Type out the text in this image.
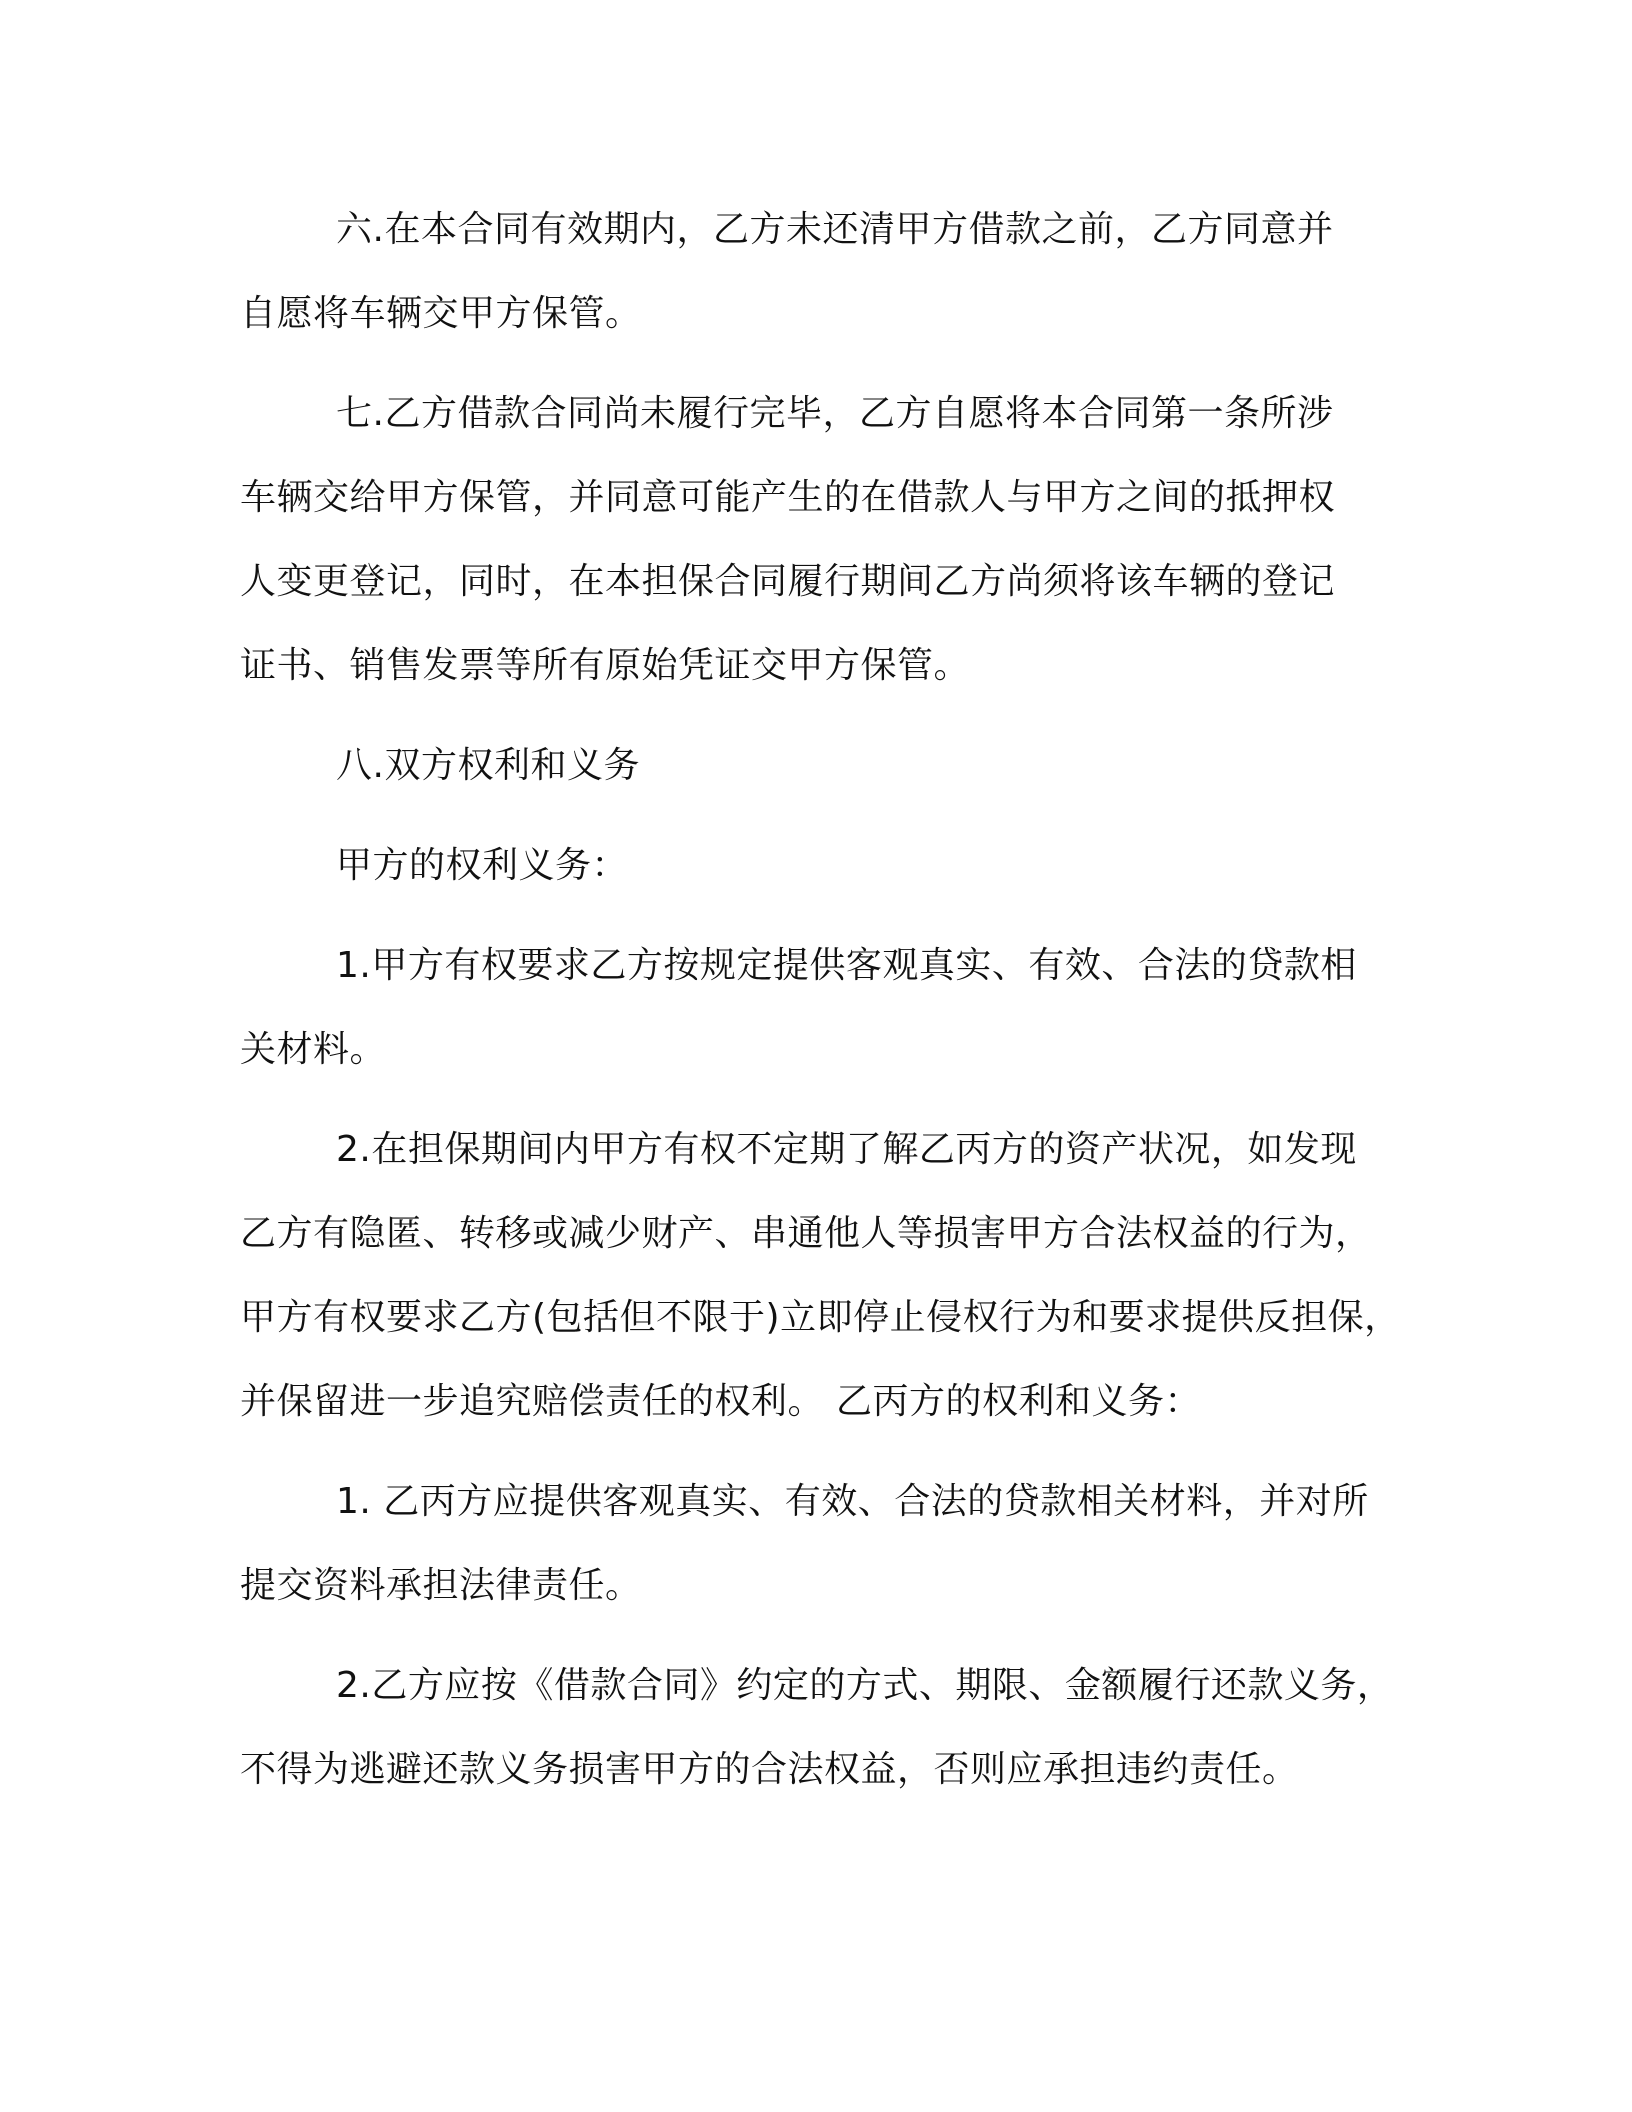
六.在本合同有效期内，乙方未还清甲方借款之前，乙方同意并
自愿将车辆交甲方保管。

七.乙方借款合同尚未履行完毕，乙方自愿将本合同第一条所涉
车辆交给甲方保管，并同意可能产生的在借款人与甲方之间的抵押权
人变更登记，同时，在本担保合同履行期间乙方尚须将该车辆的登记
证书、销售发票等所有原始凭证交甲方保管。

八.双方权利和义务

甲方的权利义务：

1.甲方有权要求乙方按规定提供客观真实、有效、合法的贷款相
关材料。

2.在担保期间内甲方有权不定期了解乙丙方的资产状况，如发现
乙方有隐匿、转移或减少财产、串通他人等损害甲方合法权益的行为，
甲方有权要求乙方(包括但不限于)立即停止侵权行为和要求提供反担保，
并保留进一步追究赔偿责任的权利。 乙丙方的权利和义务：

1. 乙丙方应提供客观真实、有效、合法的贷款相关材料，并对所
提交资料承担法律责任。

2.乙方应按《借款合同》约定的方式、期限、金额履行还款义务，
不得为逃避还款义务损害甲方的合法权益，否则应承担违约责任。
